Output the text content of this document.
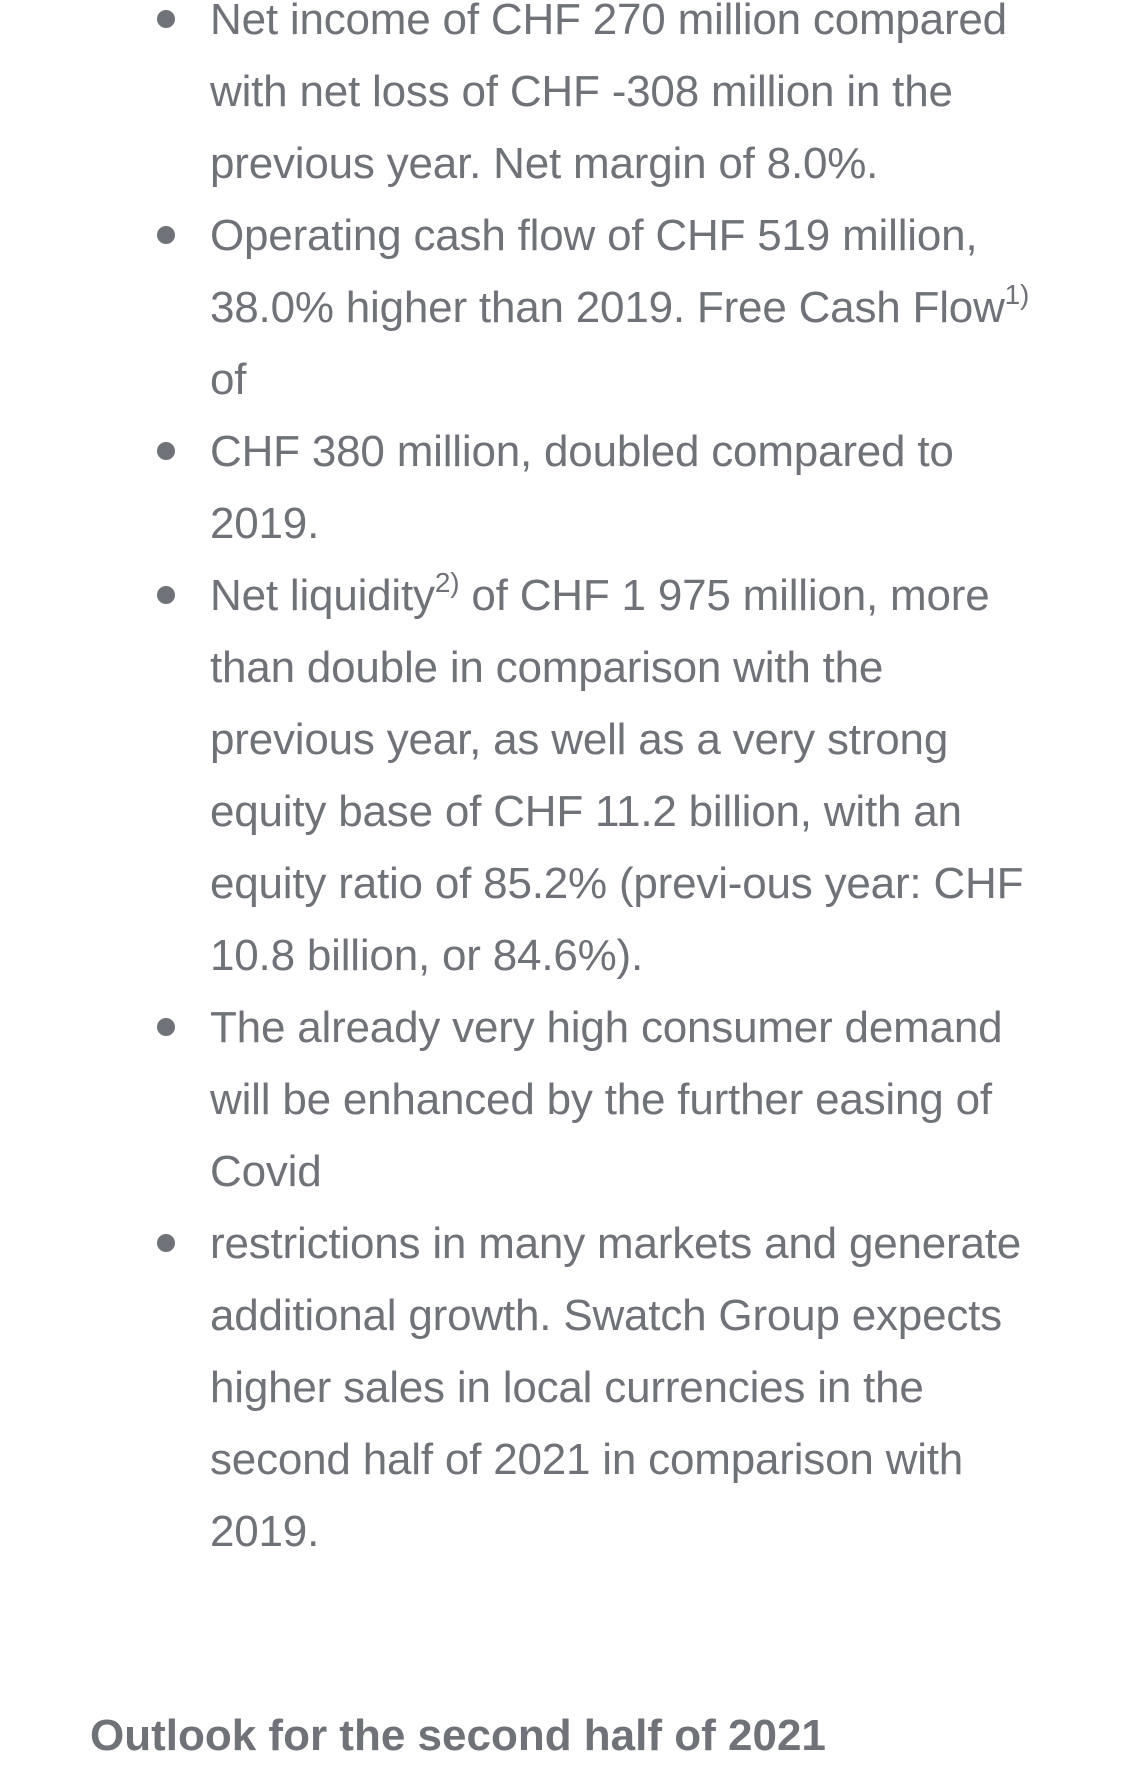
Net income of CHF 270 million compared with net loss of CHF -308 million in the previous year. Net margin of 8.0%.
Operating cash flow of CHF 519 million, 38.0% higher than 2019. Free Cash Flow$^{1)}$ of
CHF 380 million, doubled compared to 2019.
Net liquidity$^{2)}$ of CHF 1 975 million, more than double in comparison with the previous year, as well as a very strong equity base of CHF 11.2 billion, with an equity ratio of 85.2% (previ-ous year: CHF 10.8 billion, or 84.6%).
The already very high consumer demand will be enhanced by the further easing of Covid
restrictions in many markets and generate additional growth. Swatch Group expects higher sales in local currencies in the second half of 2021 in comparison with 2019.
Outlook for the second half of 2021
